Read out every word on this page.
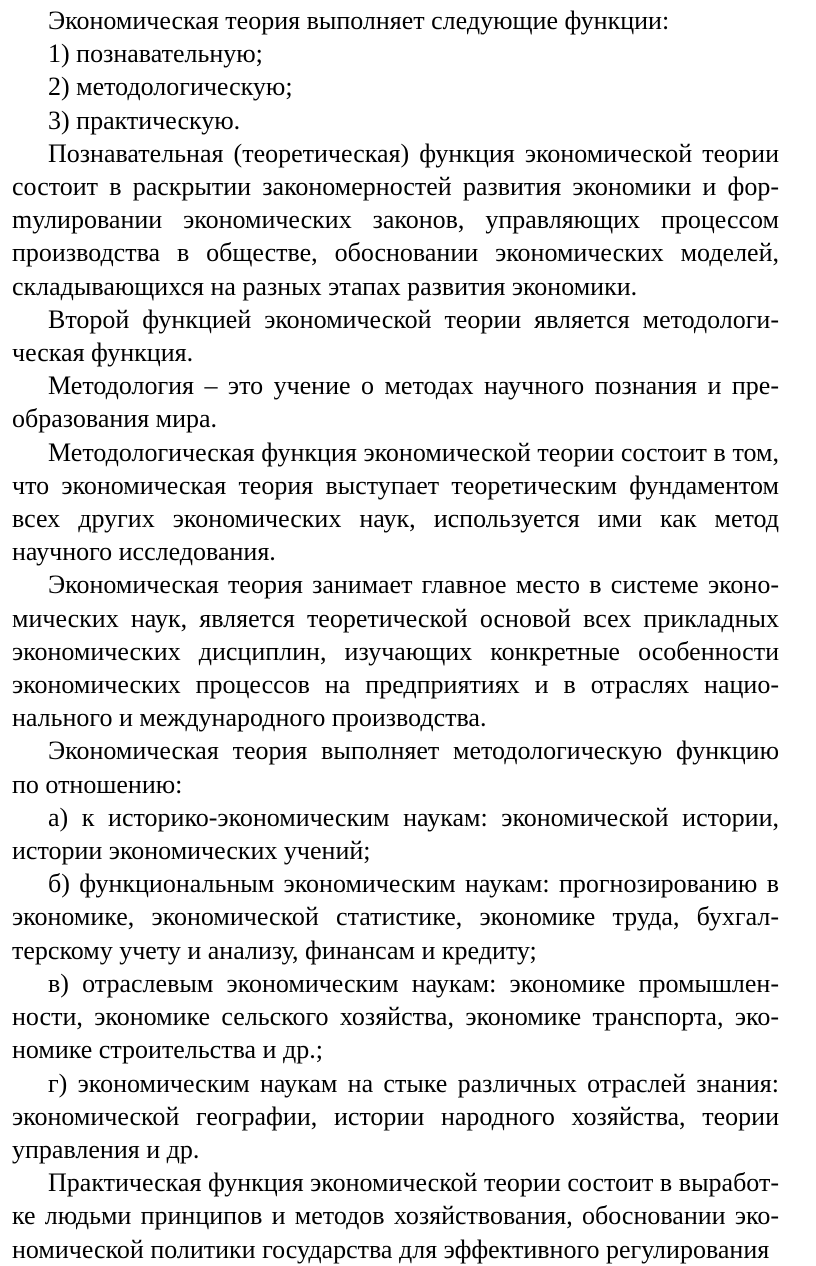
Экономическая теория выполняет следующие функции:

1) познавательную;

2) методологическую;

3) практическую.

Познавательная (теоретическая) функция экономической теории состоит в раскрытии закономерностей развития экономики и форmулировании экономических законов, управляющих процессом производства в обществе, обосновании экономических моделей, складывающихся на разных этапах развития экономики.

Второй функцией экономической теории является методологическая функция.

Методология – это учение о методах научного познания и преобразования мира.

Методологическая функция экономической теории состоит в том, что экономическая теория выступает теоретическим фундаментом всех других экономических наук, используется ими как метод научного исследования.

Экономическая теория занимает главное место в системе экономических наук, является теоретической основой всех прикладных экономических дисциплин, изучающих конкретные особенности экономических процессов на предприятиях и в отраслях национального и международного производства.

Экономическая теория выполняет методологическую функцию по отношению:

а) к историко-экономическим наукам: экономической истории, истории экономических учений;

б) функциональным экономическим наукам: прогнозированию в экономике, экономической статистике, экономике труда, бухгалтерскому учету и анализу, финансам и кредиту;

в) отраслевым экономическим наукам: экономике промышленности, экономике сельского хозяйства, экономике транспорта, экономике строительства и др.;

г) экономическим наукам на стыке различных отраслей знания: экономической географии, истории народного хозяйства, теории управления и др.

Практическая функция экономической теории состоит в выработке людьми принципов и методов хозяйствования, обосновании экономической политики государства для эффективного регулирования
